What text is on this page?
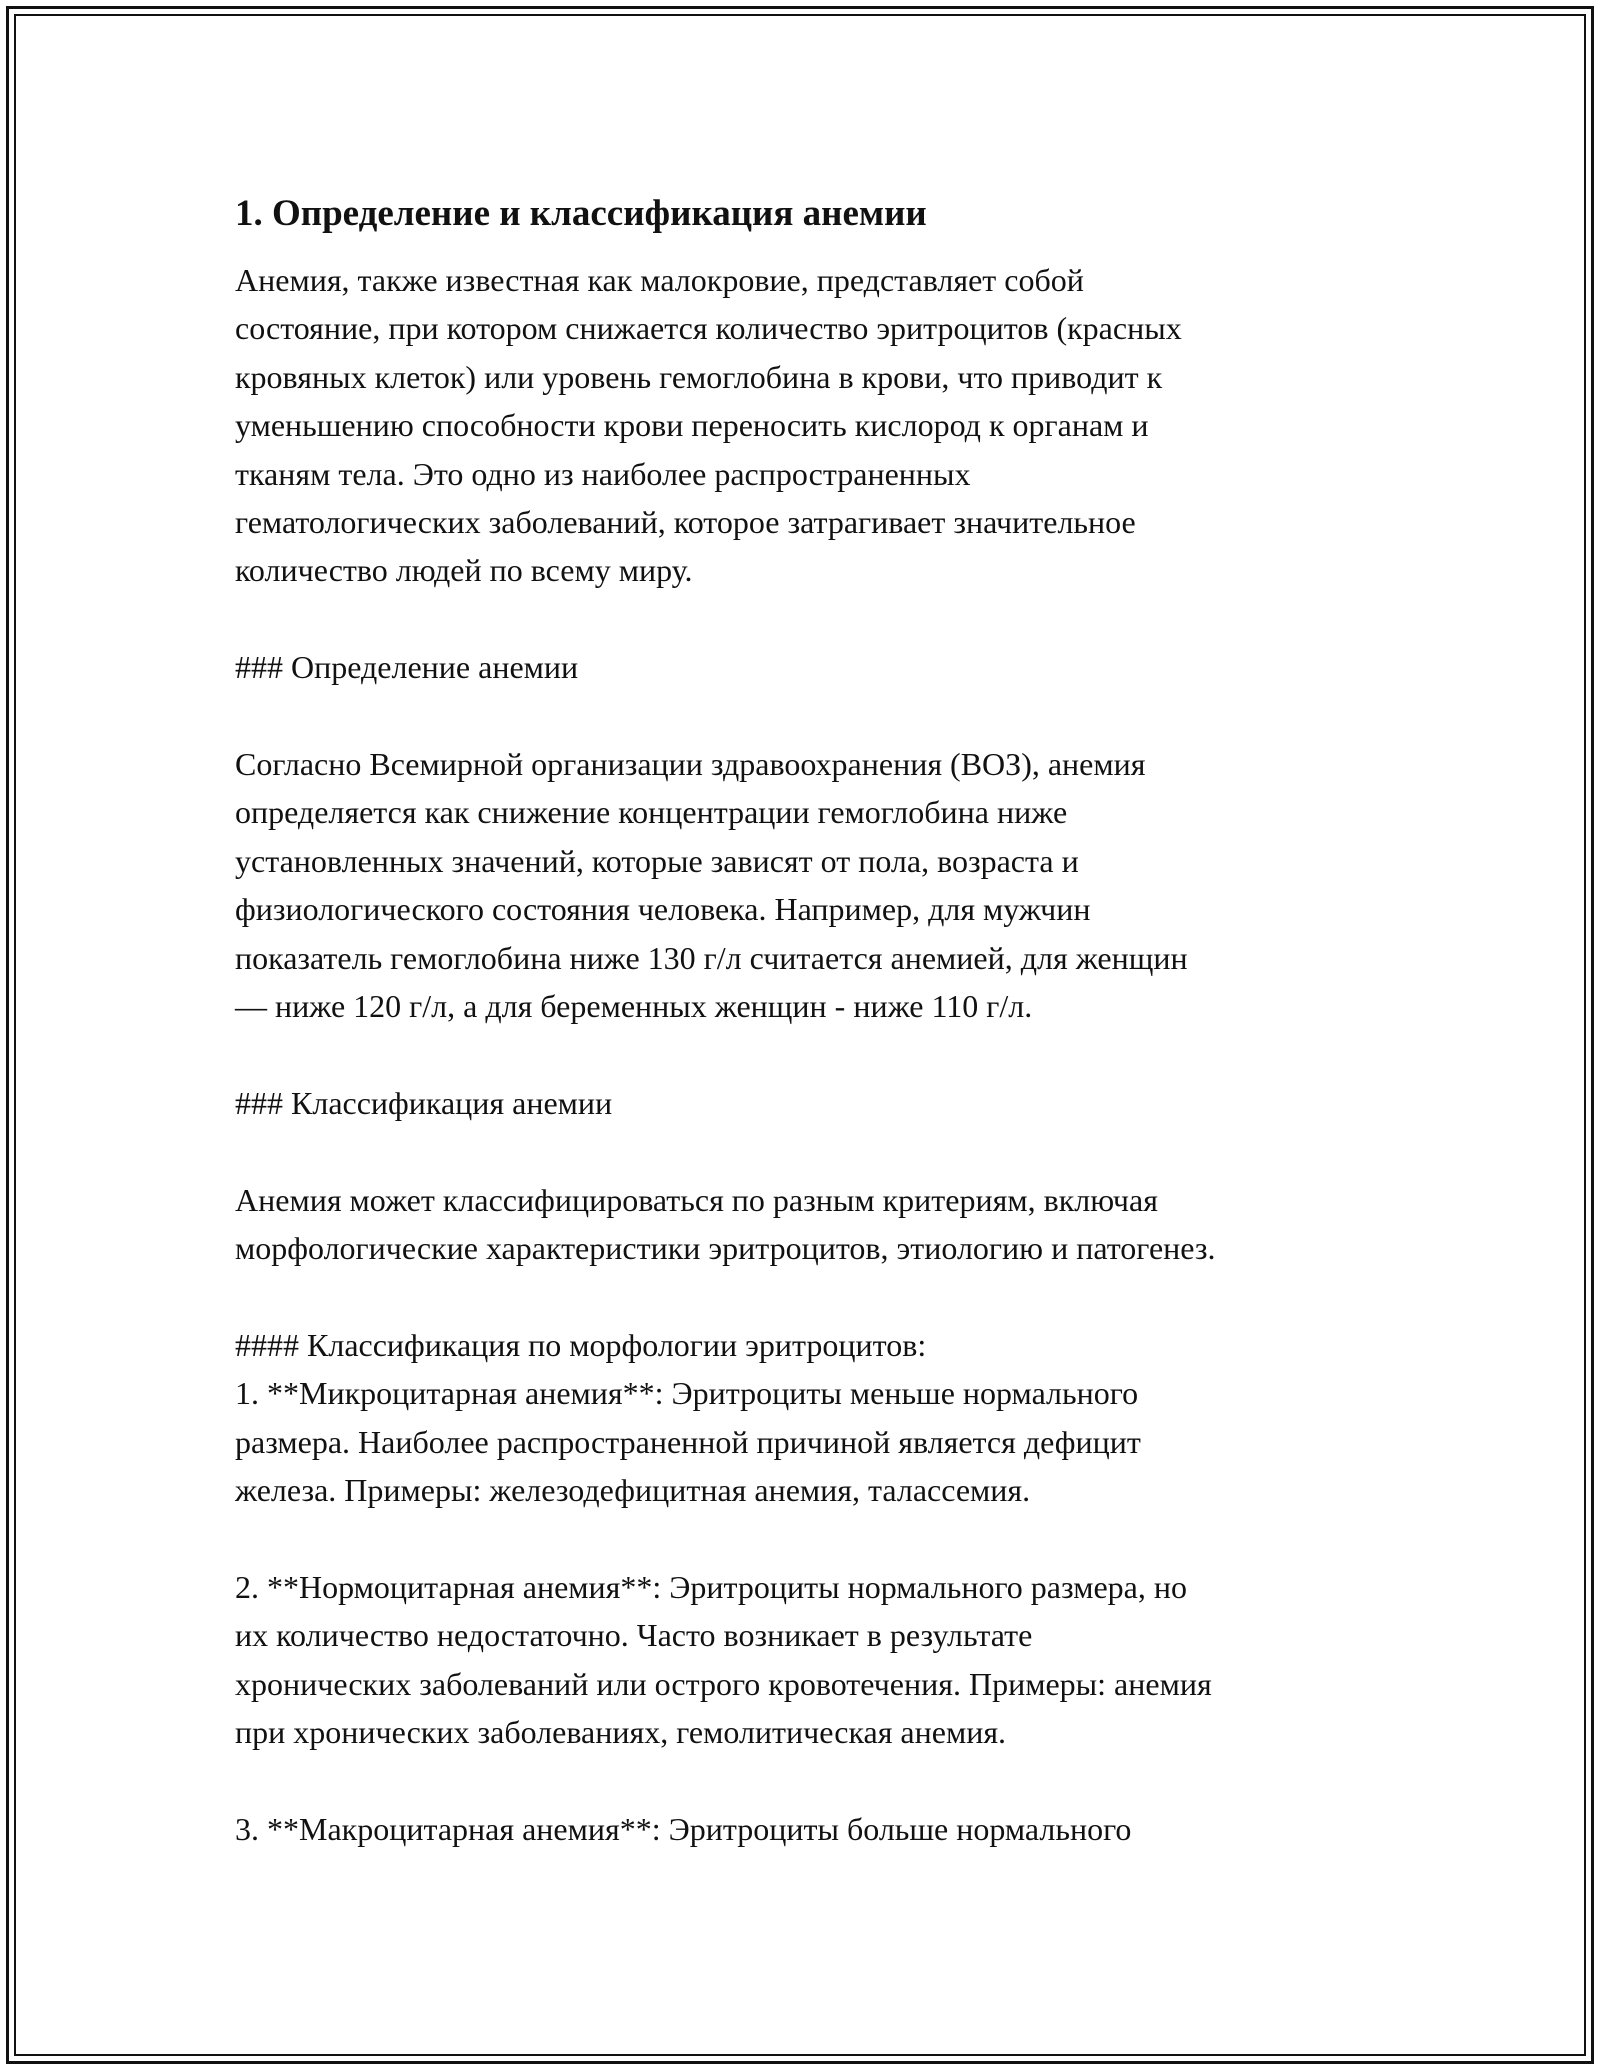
1. Определение и классификация анемии

Анемия, также известная как малокровие, представляет собой
состояние, при котором снижается количество эритроцитов (красных
кровяных клеток) или уровень гемоглобина в крови, что приводит к
уменьшению способности крови переносить кислород к органам и
тканям тела. Это одно из наиболее распространенных
гематологических заболеваний, которое затрагивает значительное
количество людей по всему миру.

### Определение анемии

Согласно Всемирной организации здравоохранения (ВОЗ), анемия
определяется как снижение концентрации гемоглобина ниже
установленных значений, которые зависят от пола, возраста и
физиологического состояния человека. Например, для мужчин
показатель гемоглобина ниже 130 г/л считается анемией, для женщин
— ниже 120 г/л, а для беременных женщин - ниже 110 г/л.

### Классификация анемии

Анемия может классифицироваться по разным критериям, включая
морфологические характеристики эритроцитов, этиологию и патогенез.

#### Классификация по морфологии эритроцитов:
1. **Микроцитарная анемия**: Эритроциты меньше нормального
размера. Наиболее распространенной причиной является дефицит
железа. Примеры: железодефицитная анемия, талассемия.

2. **Нормоцитарная анемия**: Эритроциты нормального размера, но
их количество недостаточно. Часто возникает в результате
хронических заболеваний или острого кровотечения. Примеры: анемия
при хронических заболеваниях, гемолитическая анемия.

3. **Макроцитарная анемия**: Эритроциты больше нормального
